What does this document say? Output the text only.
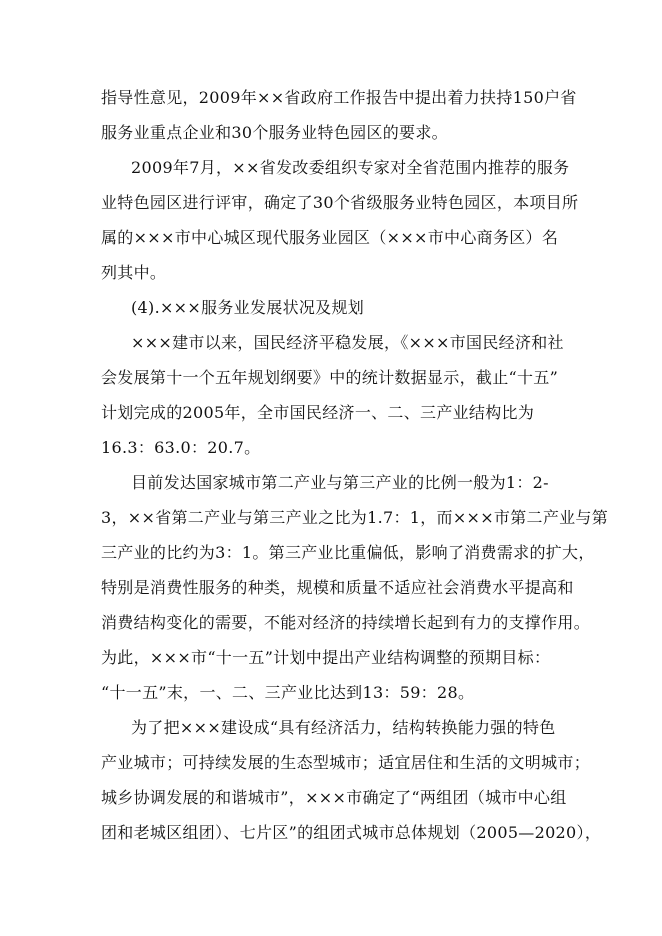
指导性意见，2009年××省政府工作报告中提出着力扶持150户省
服务业重点企业和30个服务业特色园区的要求。
2009年7月，××省发改委组织专家对全省范围内推荐的服务
业特色园区进行评审，确定了30个省级服务业特色园区，本项目所
属的×××市中心城区现代服务业园区（×××市中心商务区）名
列其中。
(4).×××服务业发展状况及规划
×××建市以来，国民经济平稳发展，《×××市国民经济和社
会发展第十一个五年规划纲要》中的统计数据显示，截止“十五”
计划完成的2005年，全市国民经济一、二、三产业结构比为
16.3：63.0：20.7。
目前发达国家城市第二产业与第三产业的比例一般为1：2-
3，××省第二产业与第三产业之比为1.7：1，而×××市第二产业与第
三产业的比约为3：1。第三产业比重偏低，影响了消费需求的扩大，
特别是消费性服务的种类，规模和质量不适应社会消费水平提高和
消费结构变化的需要，不能对经济的持续增长起到有力的支撑作用。
为此，×××市“十一五”计划中提出产业结构调整的预期目标：
“十一五”末，一、二、三产业比达到13：59：28。
为了把×××建设成“具有经济活力，结构转换能力强的特色
产业城市；可持续发展的生态型城市；适宜居住和生活的文明城市；
城乡协调发展的和谐城市”，×××市确定了“两组团（城市中心组
团和老城区组团）、七片区”的组团式城市总体规划（2005—2020），
